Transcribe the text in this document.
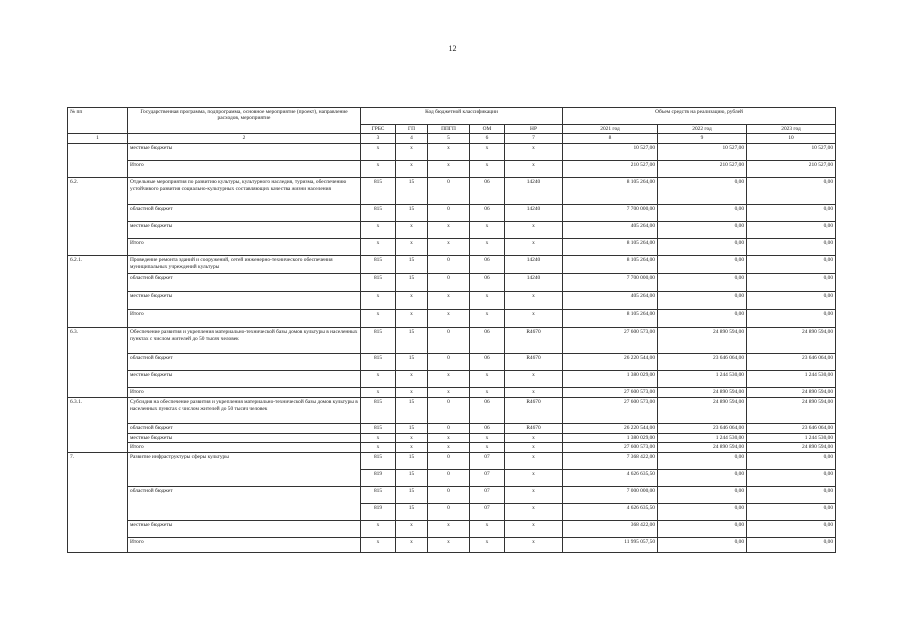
12
№ пп	Государственная программа, подпрограмма, основное мероприятие (проект), направление расходов, мероприятие	Код бюджетной классификации					Объем средств на реализацию, рублей		
		ГРБС	ГП	ППГП	ОМ	НР	2021 год	2022 год	2023 год
1	2	3	4	5	6	7	8	9	10
	местные бюджеты	x	x	x	x	x	10 527,00	10 527,00	10 527,00
	Итого	x	x	x	x	x	210 527,00	210 527,00	210 527,00
6.2.	Отдельные мероприятия по развитию культуры, культурного наследия, туризма, обеспечению устойчивого развития социально-культурных составляющих качества жизни населения	815	15	0	06	14240	8 105 264,00	0,00	0,00
	областной бюджет	815	15	0	06	14240	7 700 000,00	0,00	0,00
	местные бюджеты	x	x	x	x	x	405 264,00	0,00	0,00
	Итого	x	x	x	x	x	8 105 264,00	0,00	0,00
6.2.1.	Проведение ремонта зданий и сооружений, сетей инженерно-технического обеспечения муниципальных учреждений культуры	815	15	0	06	14240	8 105 264,00	0,00	0,00
	областной бюджет	815	15	0	06	14240	7 700 000,00	0,00	0,00
	местные бюджеты	x	x	x	x	x	405 264,00	0,00	0,00
	Итого	x	x	x	x	x	8 105 264,00	0,00	0,00
6.3.	Обеспечение развития и укрепления материально-технической базы домов культуры в населенных пунктах с числом жителей до 50 тысяч человек	815	15	0	06	R4670	27 600 573,00	24 890 594,00	24 890 594,00
	областной бюджет	815	15	0	06	R4670	26 220 544,00	23 646 064,00	23 646 064,00
	местные бюджеты	x	x	x	x	x	1 380 029,00	1 244 530,00	1 244 530,00
	Итого	x	x	x	x	x	27 600 573,00	24 890 594,00	24 890 594,00
6.3.1.	Субсидия на обеспечение развития и укрепления материально-технической базы домов культуры в населенных пунктах с числом жителей до 50 тысяч человек	815	15	0	06	R4670	27 600 573,00	24 890 594,00	24 890 594,00
	областной бюджет	815	15	0	06	R4670	26 220 544,00	23 646 064,00	23 646 064,00
	местные бюджеты	x	x	x	x	x	1 380 029,00	1 244 530,00	1 244 530,00
	Итого	x	x	x	x	x	27 600 573,00	24 890 594,00	24 890 594,00
7.	Развитие инфраструктуры сферы культуры	815	15	0	07	x	7 368 422,00	0,00	0,00
		819	15	0	07	x	4 626 635,50	0,00	0,00
	областной бюджет	815	15	0	07	x	7 000 000,00	0,00	0,00
		819	15	0	07	x	4 626 635,50	0,00	0,00
	местные бюджеты	x	x	x	x	x	368 422,00	0,00	0,00
	Итого	x	x	x	x	x	11 995 057,50	0,00	0,00
